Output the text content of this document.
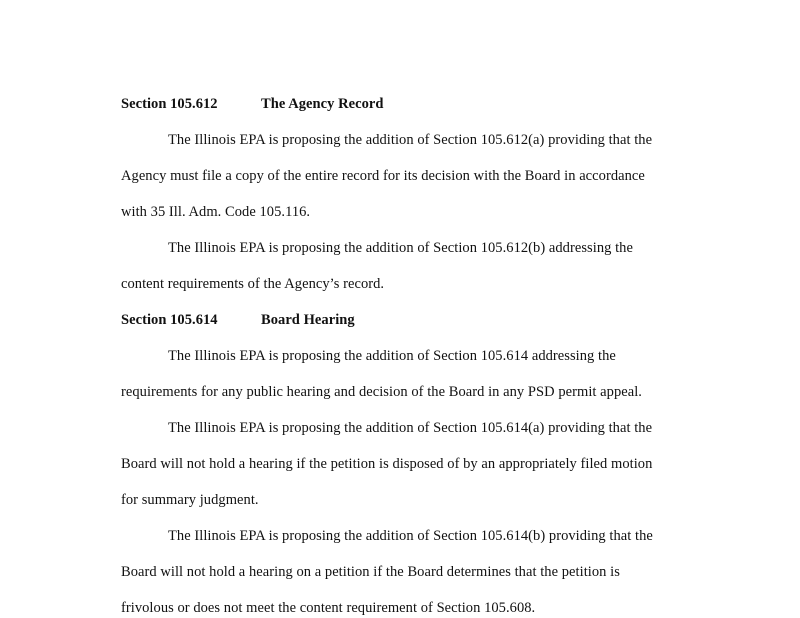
Section 105.612	The Agency Record
The Illinois EPA is proposing the addition of Section 105.612(a) providing that the
Agency must file a copy of the entire record for its decision with the Board in accordance
with 35 Ill. Adm. Code 105.116.
The Illinois EPA is proposing the addition of Section 105.612(b) addressing the
content requirements of the Agency’s record.
Section 105.614	Board Hearing
The Illinois EPA is proposing the addition of Section 105.614 addressing the
requirements for any public hearing and decision of the Board in any PSD permit appeal.
The Illinois EPA is proposing the addition of Section 105.614(a) providing that the
Board will not hold a hearing if the petition is disposed of by an appropriately filed motion
for summary judgment.
The Illinois EPA is proposing the addition of Section 105.614(b) providing that the
Board will not hold a hearing on a petition if the Board determines that the petition is
frivolous or does not meet the content requirement of Section 105.608.
